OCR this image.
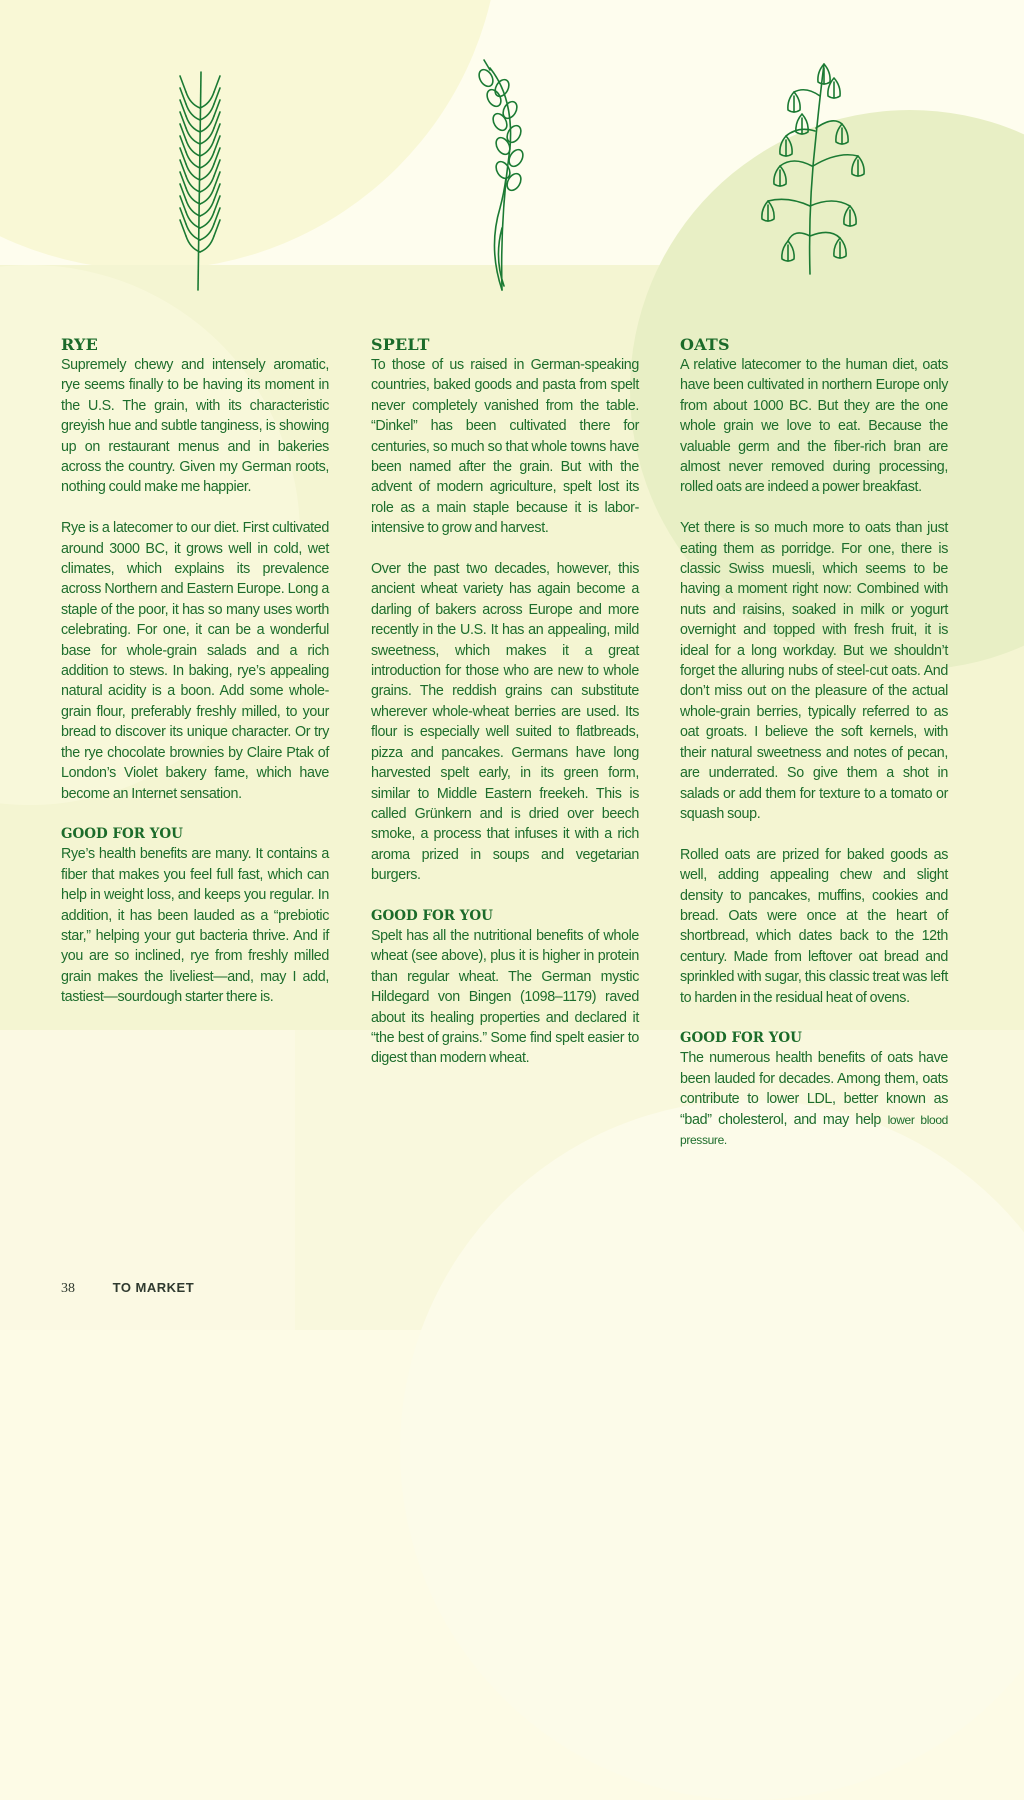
RYE

Supremely chewy and intensely aromatic, rye seems finally to be having its moment in the U.S. The grain, with its characteristic greyish hue and subtle tanginess, is showing up on restaurant menus and in bakeries across the country. Given my German roots, nothing could make me happier.

Rye is a latecomer to our diet. First cultivated around 3000 BC, it grows well in cold, wet climates, which explains its prevalence across Northern and Eastern Europe. Long a staple of the poor, it has so many uses worth celebrating. For one, it can be a wonderful base for whole-grain salads and a rich addition to stews. In baking, rye’s appealing natural acidity is a boon. Add some whole-grain flour, preferably freshly milled, to your bread to discover its unique character. Or try the rye chocolate brownies by Claire Ptak of London’s Violet bakery fame, which have become an Internet sensation.

GOOD FOR YOU

Rye’s health benefits are many. It contains a fiber that makes you feel full fast, which can help in weight loss, and keeps you regular. In addition, it has been lauded as a “prebiotic star,” helping your gut bacteria thrive. And if you are so inclined, rye from freshly milled grain makes the liveliest—and, may I add, tastiest—sourdough starter there is.

SPELT

To those of us raised in German-speaking countries, baked goods and pasta from spelt never completely vanished from the table. “Dinkel” has been cultivated there for centuries, so much so that whole towns have been named after the grain. But with the advent of modern agriculture, spelt lost its role as a main staple because it is labor-intensive to grow and harvest.

Over the past two decades, however, this ancient wheat variety has again become a darling of bakers across Europe and more recently in the U.S. It has an appealing, mild sweetness, which makes it a great introduction for those who are new to whole grains. The reddish grains can substitute wherever whole-wheat berries are used. Its flour is especially well suited to flatbreads, pizza and pancakes. Germans have long harvested spelt early, in its green form, similar to Middle Eastern freekeh. This is called Grünkern and is dried over beech smoke, a process that infuses it with a rich aroma prized in soups and vegetarian burgers.

GOOD FOR YOU

Spelt has all the nutritional benefits of whole wheat (see above), plus it is higher in protein than regular wheat. The German mystic Hildegard von Bingen (1098–1179) raved about its healing properties and declared it “the best of grains.” Some find spelt easier to digest than modern wheat.

OATS

A relative latecomer to the human diet, oats have been cultivated in northern Europe only from about 1000 BC. But they are the one whole grain we love to eat. Because the valuable germ and the fiber-rich bran are almost never removed during processing, rolled oats are indeed a power breakfast.

Yet there is so much more to oats than just eating them as porridge. For one, there is classic Swiss muesli, which seems to be having a moment right now: Combined with nuts and raisins, soaked in milk or yogurt overnight and topped with fresh fruit, it is ideal for a long workday. But we shouldn’t forget the alluring nubs of steel-cut oats. And don’t miss out on the pleasure of the actual whole-grain berries, typically referred to as oat groats. I believe the soft kernels, with their natural sweetness and notes of pecan, are underrated. So give them a shot in salads or add them for texture to a tomato or squash soup.

Rolled oats are prized for baked goods as well, adding appealing chew and slight density to pancakes, muffins, cookies and bread. Oats were once at the heart of shortbread, which dates back to the 12th century. Made from leftover oat bread and sprinkled with sugar, this classic treat was left to harden in the residual heat of ovens.

GOOD FOR YOU

The numerous health benefits of oats have been lauded for decades. Among them, oats contribute to lower LDL, better known as “bad” cholesterol, and may help lower blood pressure.

38	TO MARKET
